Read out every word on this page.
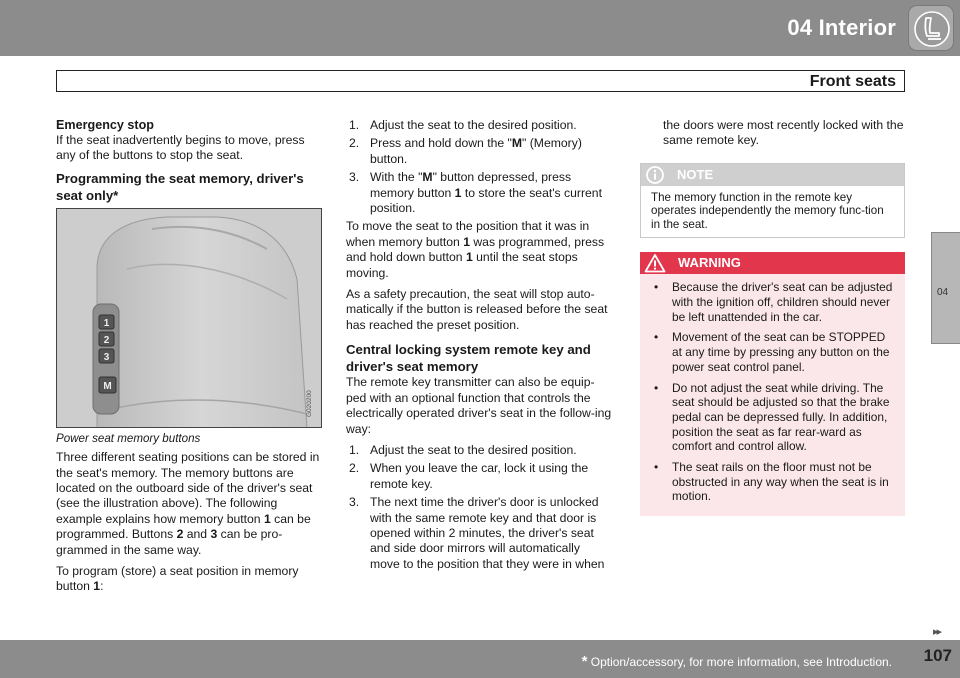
04 Interior
Front seats
04
Emergency stop

If the seat inadvertently begins to move, press any of the buttons to stop the seat.

Programming the seat memory, driver's seat only*
1
2
3
M
G020200
Power seat memory buttons

Three different seating positions can be stored in the seat's memory. The memory buttons are located on the outboard side of the driver's seat (see the illustration above). The following example explains how memory button 1 can be programmed. Buttons 2 and 3 can be pro-grammed in the same way.

To program (store) a seat position in memory button 1:

1. Adjust the seat to the desired position.
2. Press and hold down the "M" (Memory) button.
3. With the "M" button depressed, press memory button 1 to store the seat's current position.

To move the seat to the position that it was in when memory button 1 was programmed, press and hold down button 1 until the seat stops moving.

As a safety precaution, the seat will stop auto-matically if the button is released before the seat has reached the preset position.

Central locking system remote key and driver's seat memory

The remote key transmitter can also be equip-ped with an optional function that controls the electrically operated driver's seat in the follow-ing way:

1. Adjust the seat to the desired position.
2. When you leave the car, lock it using the remote key.
3. The next time the driver's door is unlocked with the same remote key and that door is opened within 2 minutes, the driver's seat and side door mirrors will automatically move to the position that they were in when

the doors were most recently locked with the same remote key.

NOTE
The memory function in the remote key operates independently the memory func-tion in the seat.
WARNING
• Because the driver's seat can be adjusted with the ignition off, children should never be left unattended in the car.
• Movement of the seat can be STOPPED at any time by pressing any button on the power seat control panel.
• Do not adjust the seat while driving. The seat should be adjusted so that the brake pedal can be depressed fully. In addition, position the seat as far rear-ward as comfort and control allow.
• The seat rails on the floor must not be obstructed in any way when the seat is in motion.
▸▸
* Option/accessory, for more information, see Introduction. 107
